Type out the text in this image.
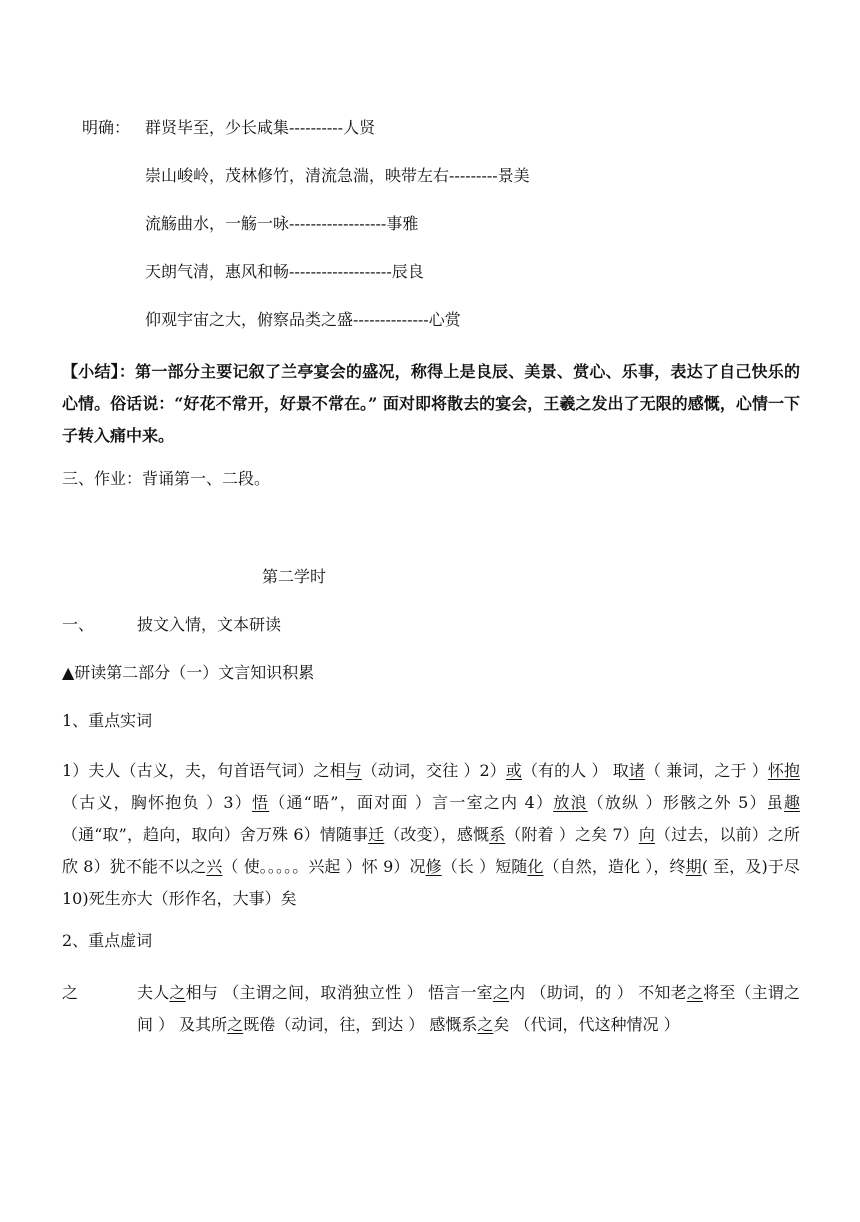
明确： 群贤毕至，少长咸集----------人贤
崇山峻岭，茂林修竹，清流急湍，映带左右---------景美
流觞曲水，一觞一咏------------------事雅
天朗气清，惠风和畅-------------------辰良
仰观宇宙之大，俯察品类之盛--------------心赏
【小结】：第一部分主要记叙了兰亭宴会的盛况，称得上是良辰、美景、赏心、乐事，表达了自己快乐的心情。俗话说：“好花不常开，好景不常在。” 面对即将散去的宴会，王羲之发出了无限的感慨，心情一下子转入痛中来。
三、作业：背诵第一、二段。
第二学时
一、	披文入情，文本研读
▲研读第二部分（一）文言知识积累
1、重点实词
1）夫人（古义，夫，句首语气词）之相与（动词，交往 ）2）或（有的人 ） 取诸（ 兼词，之于 ）怀抱（古义，胸怀抱负 ）3）悟（通“晤”，面对面 ）言一室之内 4）放浪（放纵 ）形骸之外 5）虽趣（通“取”，趋向，取向）舍万殊 6）情随事迁（改变），感慨系（附着 ）之矣 7）向（过去，以前）之所欣 8）犹不能不以之兴（ 使。。。。。兴起 ）怀 9）况修（长 ）短随化（自然，造化 ），终期( 至，及)于尽 10)死生亦大（形作名，大事）矣
2、重点虚词
之	夫人之相与 （主谓之间，取消独立性 ） 悟言一室之内 （助词，的 ） 不知老之将至（主谓之间 ） 及其所之既倦（动词，往，到达 ） 感慨系之矣 （代词，代这种情况 ）
